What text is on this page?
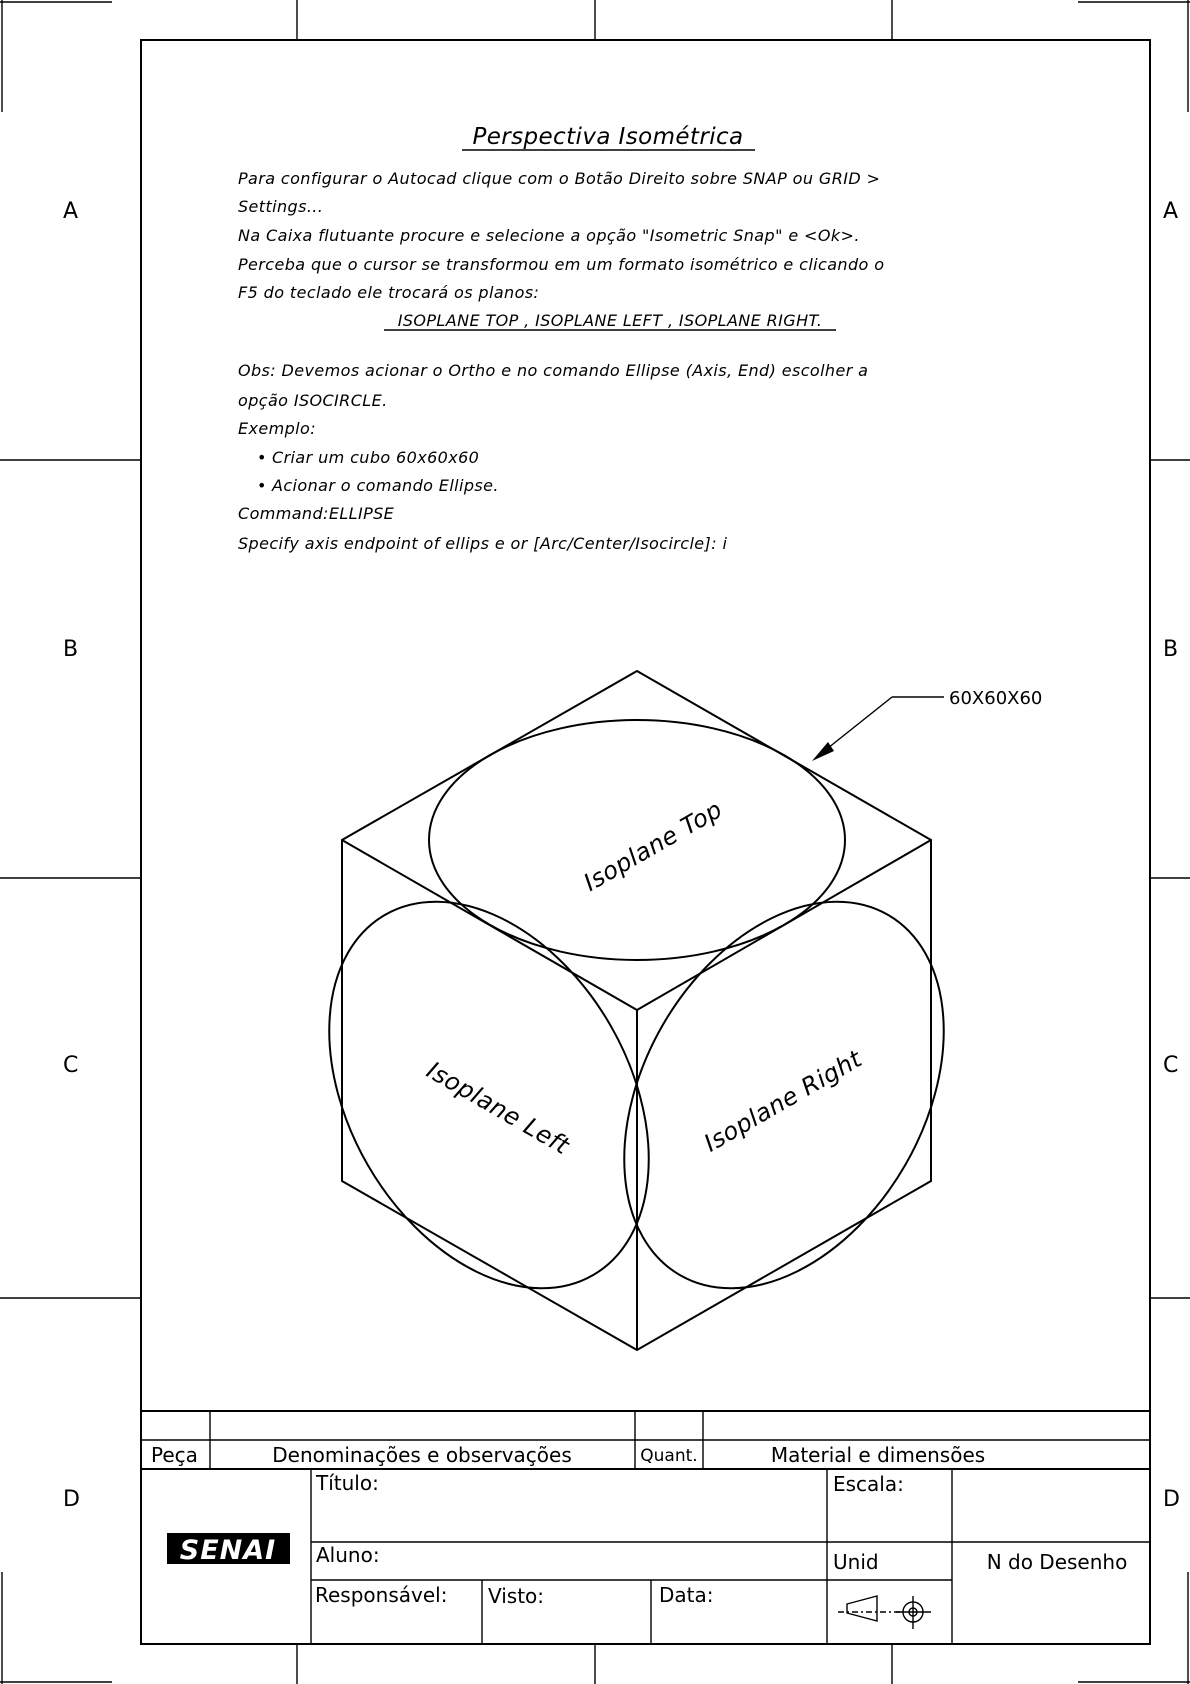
A
B
C
D
A
B
C
D
Perspectiva Isométrica
Para configurar o Autocad clique com o Botão Direito sobre SNAP ou GRID >
Settings...
Na Caixa flutuante procure e selecione a opção "Isometric Snap" e <Ok>.
Perceba que o cursor se transformou em um formato isométrico e clicando o
F5 do teclado ele trocará os planos:
ISOPLANE TOP , ISOPLANE LEFT , ISOPLANE RIGHT.
Obs: Devemos acionar o Ortho e no comando Ellipse (Axis, End) escolher a
opção ISOCIRCLE.
Exemplo:
• Criar um cubo 60x60x60
• Acionar o comando Ellipse.
Command:ELLIPSE
Specify axis endpoint of ellips e or [Arc/Center/Isocircle]: i
Isoplane Top
Isoplane Left	Isoplane Right
60X60X60
Peça	Denominações e observações	Quant.	Material e dimensões
SENAI
Título:	Escala:
Aluno:	Unid	N do Desenho
Responsável: Visto:	Data:
